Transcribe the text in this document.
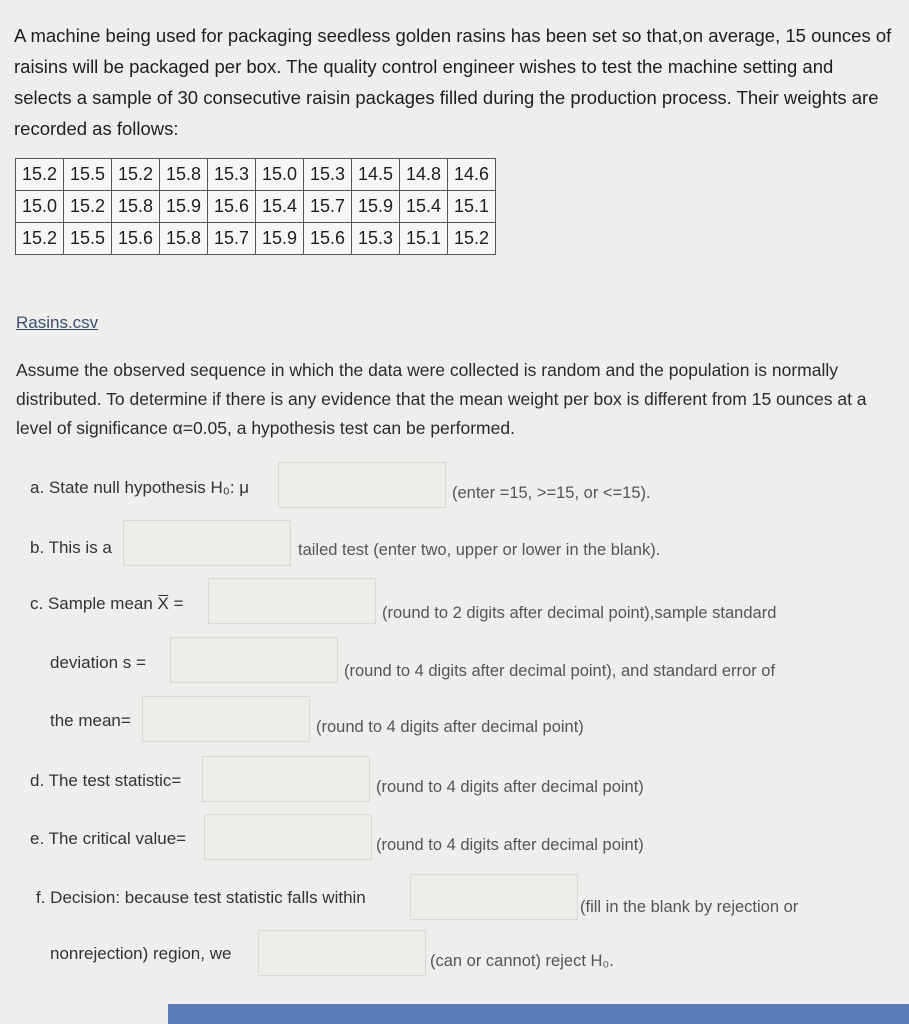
A machine being used for packaging seedless golden rasins has been set so that,on average, 15 ounces of raisins will be packaged per box. The quality control engineer wishes to test the machine setting and selects a sample of 30 consecutive raisin packages filled during the production process. Their weights are recorded as follows:
15.2	15.5	15.2	15.8	15.3	15.0	15.3	14.5	14.8	14.6
15.0	15.2	15.8	15.9	15.6	15.4	15.7	15.9	15.4	15.1
15.2	15.5	15.6	15.8	15.7	15.9	15.6	15.3	15.1	15.2
Rasins.csv
Assume the observed sequence in which the data were collected is random and the population is normally distributed. To determine if there is any evidence that the mean weight per box is different from 15 ounces at a level of significance α=0.05, a hypothesis test can be performed.
a. State null hypothesis H₀: μ	(enter =15, >=15, or <=15).
b. This is a	tailed test (enter two, upper or lower in the blank).
c. Sample mean X̅ =	(round to 2 digits after decimal point),sample standard
deviation s =	(round to 4 digits after decimal point), and standard error of
the mean=	(round to 4 digits after decimal point)
d. The test statistic=	(round to 4 digits after decimal point)
e. The critical value=	(round to 4 digits after decimal point)
f. Decision: because test statistic falls within	(fill in the blank by rejection or
nonrejection) region, we	(can or cannot) reject H₀.
